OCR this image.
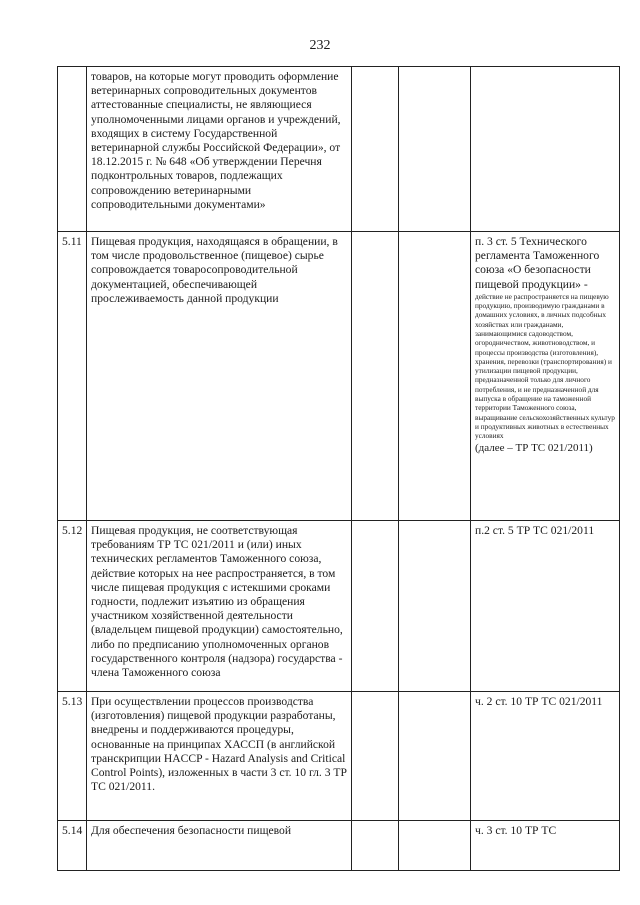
232
	товаров, на которые могут проводить оформление ветеринарных сопроводительных документов аттестованные специалисты, не являющиеся уполномоченными лицами органов и учреждений, входящих в систему Государственной ветеринарной службы Российской Федерации», от 18.12.2015 г. № 648 «Об утверждении Перечня подконтрольных товаров, подлежащих сопровождению ветеринарными сопроводительными документами»			
5.11	Пищевая продукция, находящаяся в обращении, в том числе продовольственное (пищевое) сырье сопровождается товаросопроводительной документацией, обеспечивающей прослеживаемость данной продукции			п. 3 ст. 5 Технического регламента Таможенного союза «О безопасности пищевой продукции» -
действие не распространяется на пищевую продукцию, производимую гражданами в домашних условиях, в личных подсобных хозяйствах или гражданами, занимающимися садоводством, огородничеством, животноводством, и процессы производства (изготовления), хранения, перевозки (транспортирования) и утилизации пищевой продукции, предназначенной только для личного потребления, и не предназначенной для выпуска в обращение на таможенной территории Таможенного союза, выращивание сельскохозяйственных культур и продуктивных животных в естественных условиях
(далее – ТР ТС 021/2011)
5.12	Пищевая продукция, не соответствующая требованиям ТР ТС 021/2011 и (или) иных технических регламентов Таможенного союза, действие которых на нее распространяется, в том числе пищевая продукция с истекшими сроками годности, подлежит изъятию из обращения участником хозяйственной деятельности (владельцем пищевой продукции) самостоятельно, либо по предписанию уполномоченных органов государственного контроля (надзора) государства - члена Таможенного союза			п.2 ст. 5 ТР ТС 021/2011
5.13	При осуществлении процессов производства (изготовления) пищевой продукции разработаны, внедрены и поддерживаются процедуры, основанные на принципах ХАССП (в английской транскрипции HACCP - Hazard Analysis and Critical Control Points), изложенных в части 3 ст. 10 гл. 3 ТР ТС 021/2011.			ч. 2 ст. 10 ТР ТС 021/2011
5.14	Для обеспечения безопасности пищевой			ч. 3 ст. 10 ТР ТС
